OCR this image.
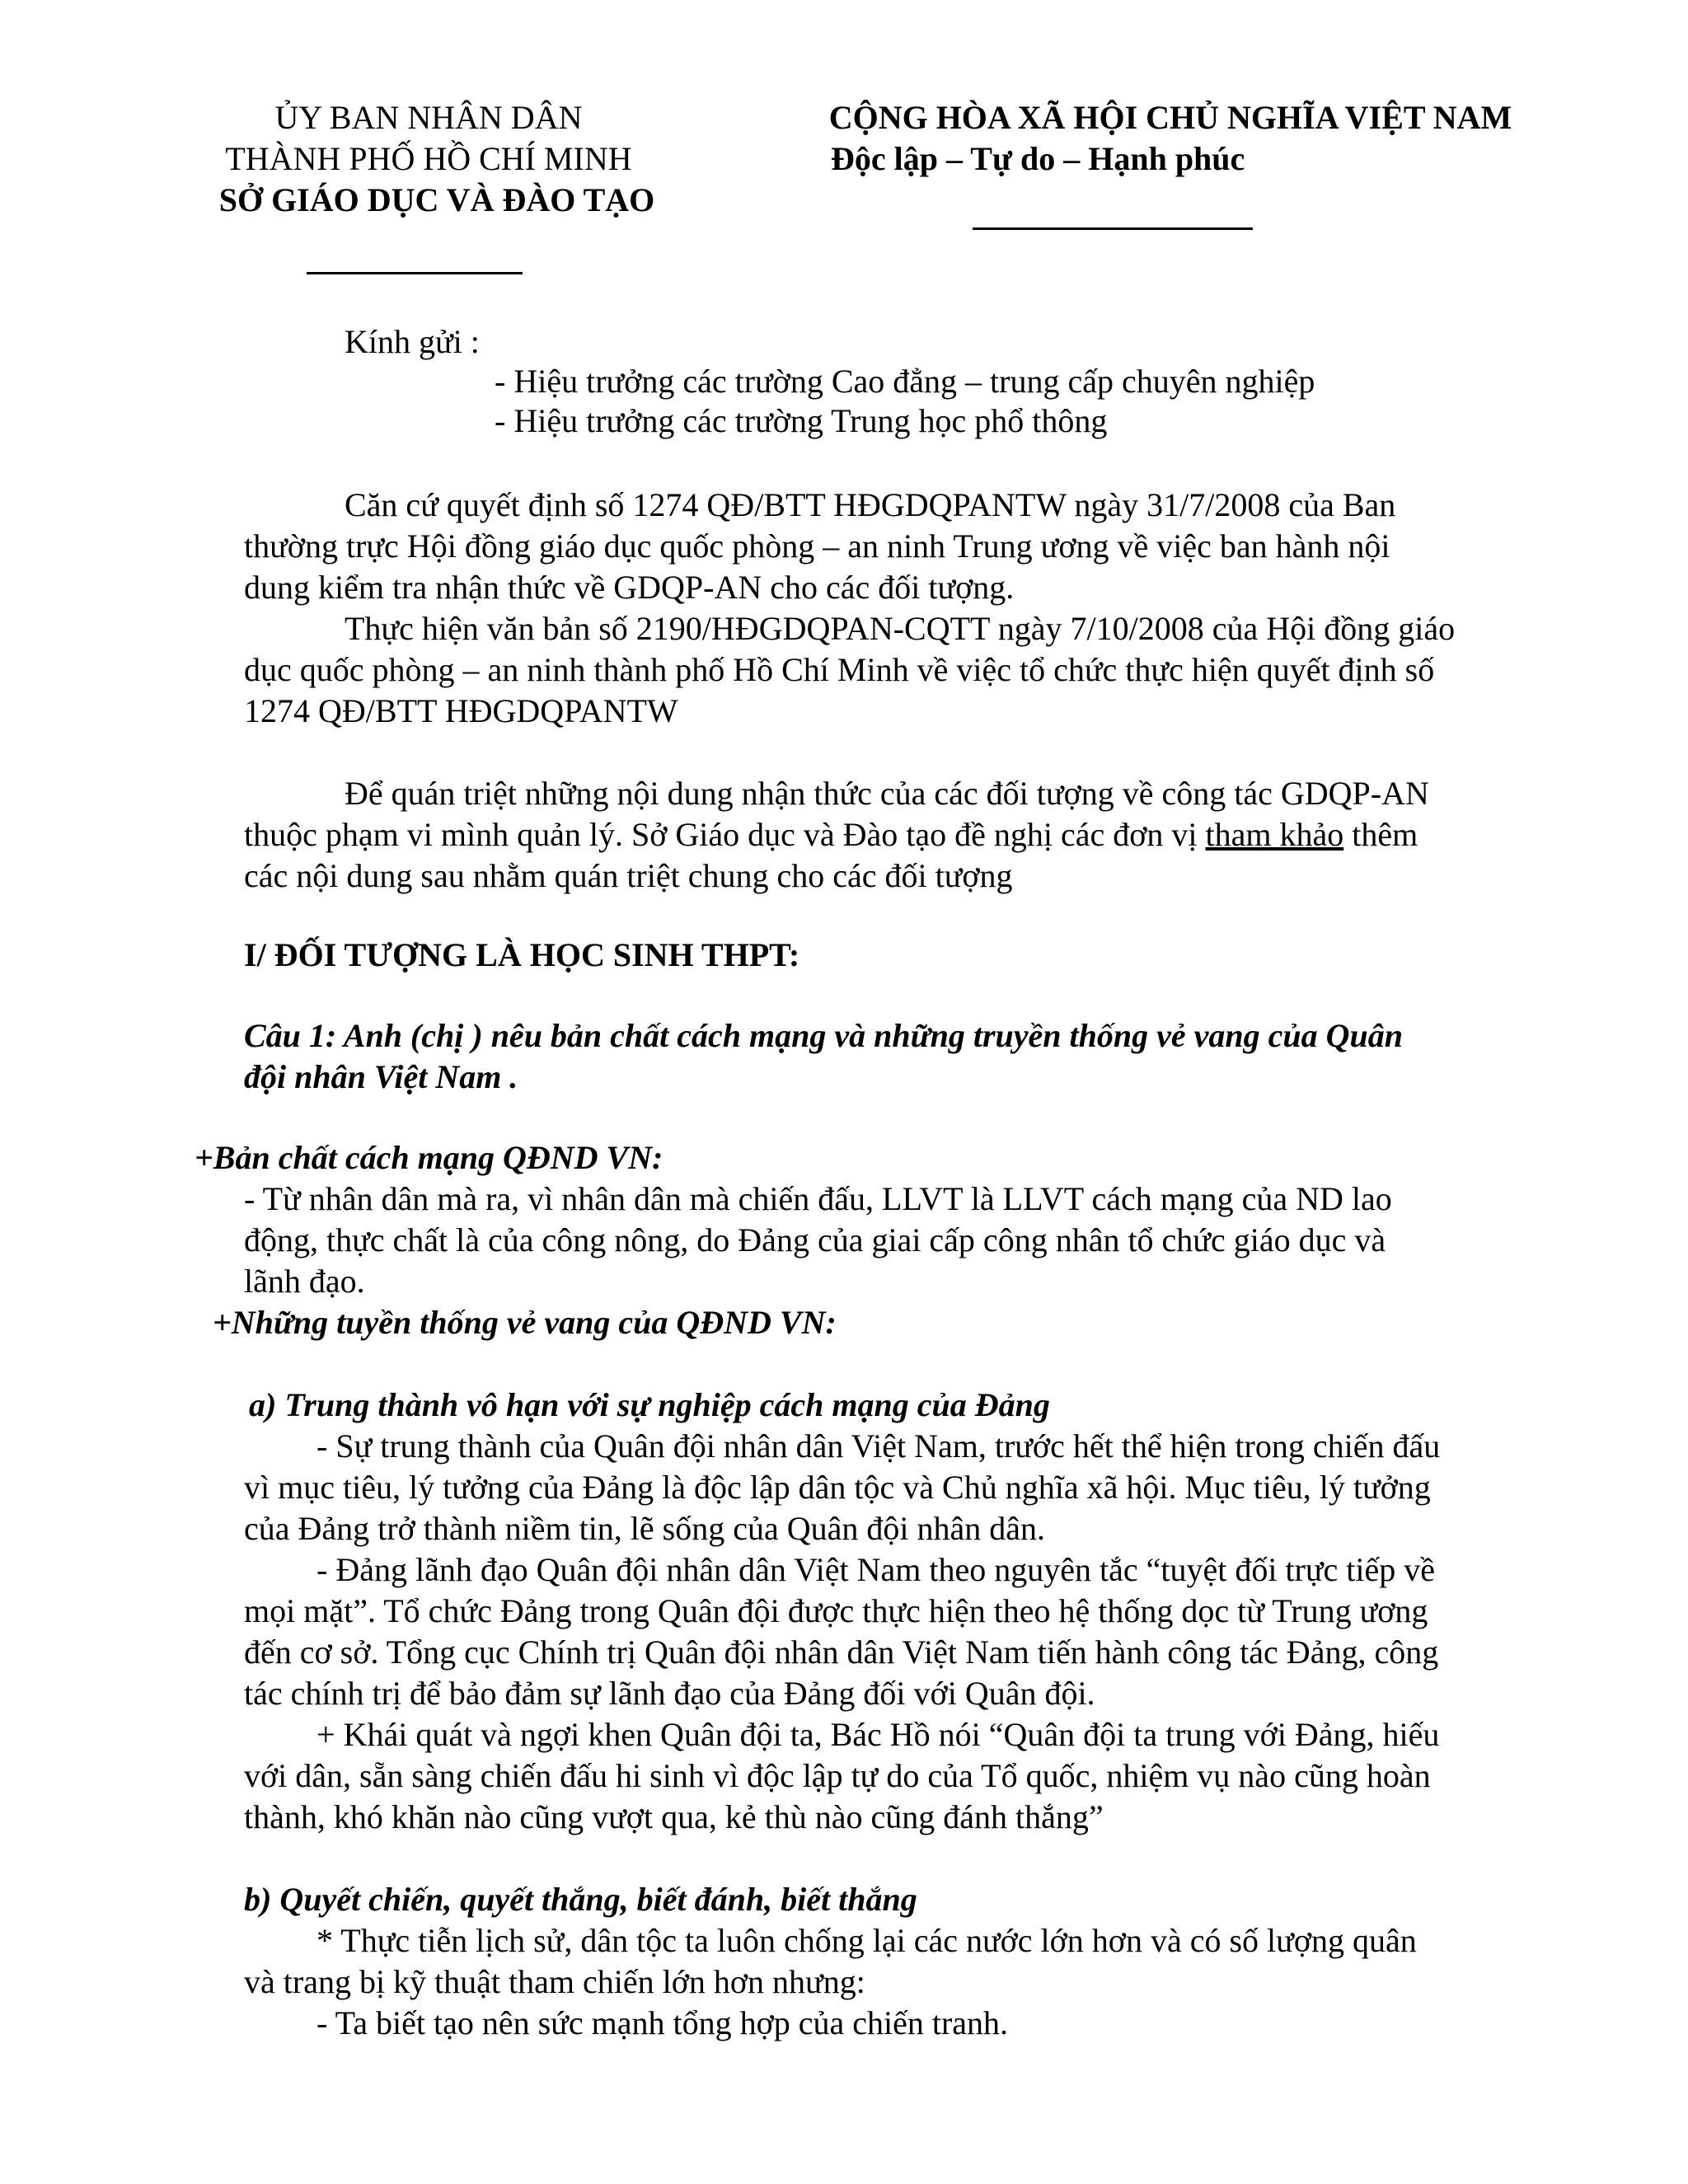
ỦY BAN NHÂN DÂN
THÀNH PHỐ HỒ CHÍ MINH
SỞ GIÁO DỤC VÀ ĐÀO TẠO
CỘNG HÒA XÃ HỘI CHỦ NGHĨA VIỆT NAM
Độc lập – Tự do – Hạnh phúc
Kính gửi :
- Hiệu trưởng các trường Cao đẳng – trung cấp chuyên nghiệp
- Hiệu trưởng các trường Trung học phổ thông
Căn cứ quyết định số 1274 QĐ/BTT HĐGDQPANTW ngày 31/7/2008 của Ban
thường trực Hội đồng giáo dục quốc phòng – an ninh Trung ương về việc ban hành nội
dung kiểm tra nhận thức về GDQP-AN cho các đối tượng.
Thực hiện văn bản số 2190/HĐGDQPAN-CQTT ngày 7/10/2008 của Hội đồng giáo
dục quốc phòng – an ninh thành phố Hồ Chí Minh về việc tổ chức thực hiện quyết định số
1274 QĐ/BTT HĐGDQPANTW
Để quán triệt những nội dung nhận thức của các đối tượng về công tác GDQP-AN
thuộc phạm vi mình quản lý. Sở Giáo dục và Đào tạo đề nghị các đơn vị tham khảo thêm
các nội dung sau nhằm quán triệt chung cho các đối tượng
I/ ĐỐI TƯỢNG LÀ HỌC SINH THPT:
Câu 1: Anh (chị ) nêu bản chất cách mạng và những truyền thống vẻ vang của Quân
đội nhân Việt Nam .
+Bản chất cách mạng QĐND VN:
- Từ nhân dân mà ra, vì nhân dân mà chiến đấu, LLVT là LLVT cách mạng của ND lao
động, thực chất là của công nông, do Đảng của giai cấp công nhân tổ chức giáo dục và
lãnh đạo.
+Những tuyền thống vẻ vang của QĐND VN:
a) Trung thành vô hạn với sự nghiệp cách mạng của Đảng
- Sự trung thành của Quân đội nhân dân Việt Nam, trước hết thể hiện trong chiến đấu
vì mục tiêu, lý tưởng của Đảng là độc lập dân tộc và Chủ nghĩa xã hội. Mục tiêu, lý tưởng
của Đảng trở thành niềm tin, lẽ sống của Quân đội nhân dân.
- Đảng lãnh đạo Quân đội nhân dân Việt Nam theo nguyên tắc “tuyệt đối trực tiếp về
mọi mặt”. Tổ chức Đảng trong Quân đội được thực hiện theo hệ thống dọc từ Trung ương
đến cơ sở. Tổng cục Chính trị Quân đội nhân dân Việt Nam tiến hành công tác Đảng, công
tác chính trị để bảo đảm sự lãnh đạo của Đảng đối với Quân đội.
+ Khái quát và ngợi khen Quân đội ta, Bác Hồ nói “Quân đội ta trung với Đảng, hiếu
với dân, sẵn sàng chiến đấu hi sinh vì độc lập tự do của Tổ quốc, nhiệm vụ nào cũng hoàn
thành, khó khăn nào cũng vượt qua, kẻ thù nào cũng đánh thắng”
b) Quyết chiến, quyết thắng, biết đánh, biết thắng
* Thực tiễn lịch sử, dân tộc ta luôn chống lại các nước lớn hơn và có số lượng quân
và trang bị kỹ thuật tham chiến lớn hơn nhưng:
- Ta biết tạo nên sức mạnh tổng hợp của chiến tranh.
